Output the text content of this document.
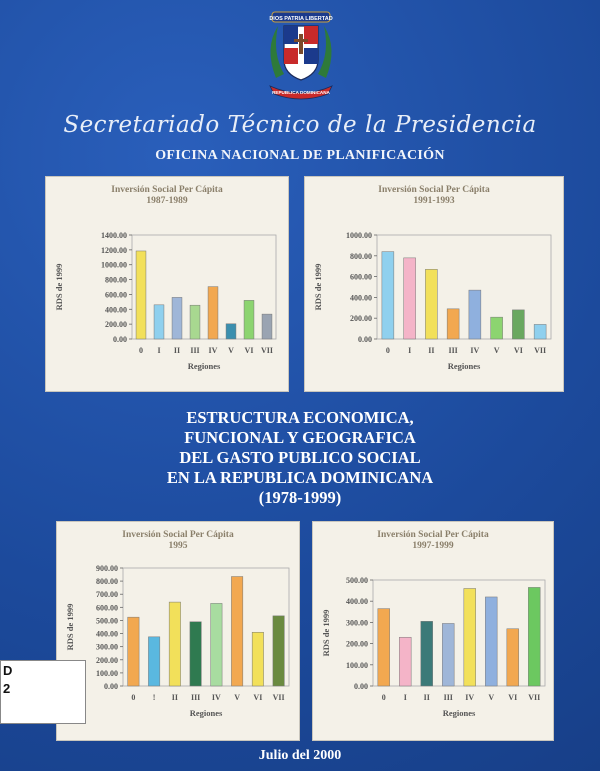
DIOS PATRIA LIBERTAD
REPUBLICA DOMINICANA
Secretariado Técnico de la Presidencia
OFICINA NACIONAL DE PLANIFICACIÓN
Inversión Social Per Cápita
1987-1989
0.00
200.00
400.00
600.00
800.00
1000.00
1200.00
1400.00
0 I II III IV V VI VII
Regiones
RDS de 1999
Inversión Social Per Cápita
1991-1993
0.00
200.00
400.00
600.00
800.00
1000.00
0 I II III IV V VI VII
Regiones
RDS de 1999
ESTRUCTURA ECONOMICA,
FUNCIONAL Y GEOGRAFICA
DEL GASTO PUBLICO SOCIAL
EN LA REPUBLICA DOMINICANA
(1978-1999)
Inversión Social Per Cápita
1995
0.00
100.00
200.00
300.00
400.00
500.00
600.00
700.00
800.00
900.00
0 ! II III IV V VI VII
Regiones
RDS de 1999
Inversión Social Per Cápita
1997-1999
0.00
100.00
200.00
300.00
400.00
500.00
0 I II III IV V VI VII
Regiones
RDS de 1999
D
2
Julio del 2000
